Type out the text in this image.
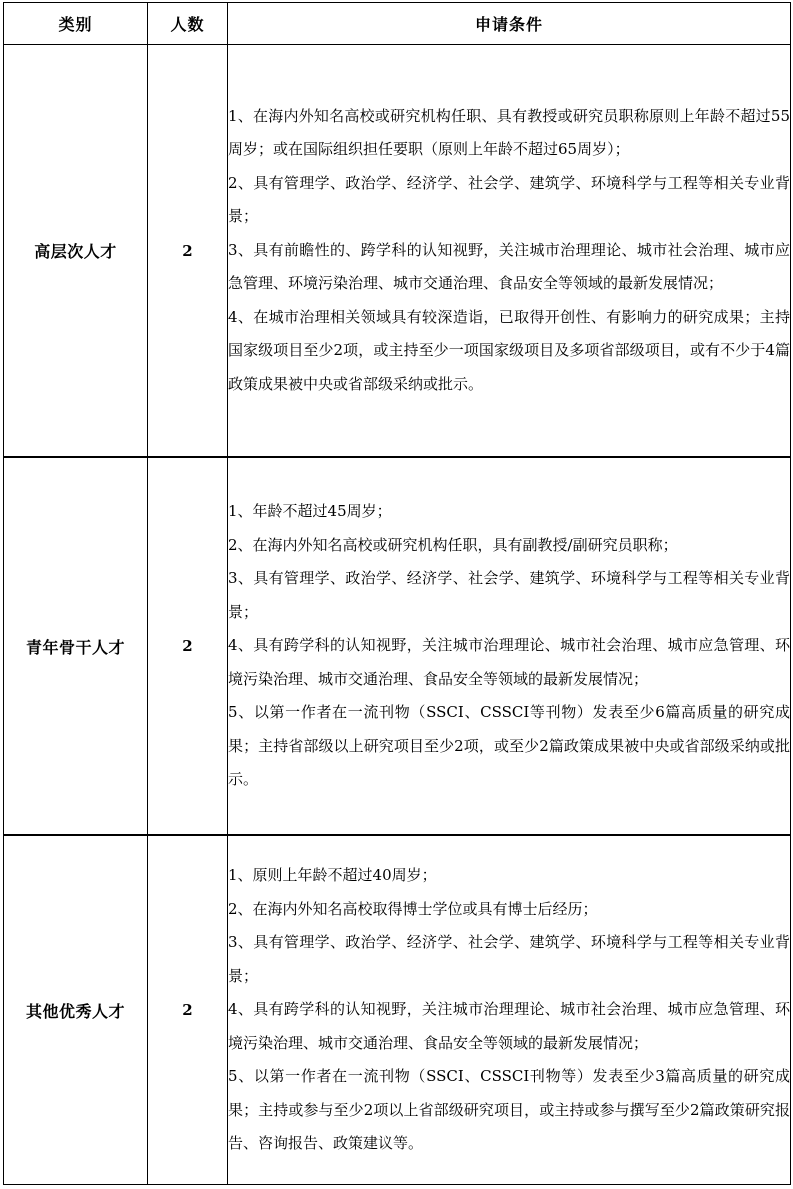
类别	人数	申请条件
高层次人才	2	1、在海内外知名高校或研究机构任职、具有教授或研究员职称原则上年龄不超过55周岁；或在国际组织担任要职（原则上年龄不超过65周岁）；
2、具有管理学、政治学、经济学、社会学、建筑学、环境科学与工程等相关专业背景；
3、具有前瞻性的、跨学科的认知视野，关注城市治理理论、城市社会治理、城市应急管理、环境污染治理、城市交通治理、食品安全等领域的最新发展情况；
4、在城市治理相关领域具有较深造诣，已取得开创性、有影响力的研究成果；主持国家级项目至少2项，或主持至少一项国家级项目及多项省部级项目，或有不少于4篇政策成果被中央或省部级采纳或批示。

青年骨干人才	2	1、年龄不超过45周岁；
2、在海内外知名高校或研究机构任职，具有副教授/副研究员职称；
3、具有管理学、政治学、经济学、社会学、建筑学、环境科学与工程等相关专业背景；
4、具有跨学科的认知视野，关注城市治理理论、城市社会治理、城市应急管理、环境污染治理、城市交通治理、食品安全等领域的最新发展情况；
5、以第一作者在一流刊物（SSCI、CSSCI等刊物）发表至少6篇高质量的研究成果；主持省部级以上研究项目至少2项，或至少2篇政策成果被中央或省部级采纳或批示。

其他优秀人才	2	1、原则上年龄不超过40周岁；
2、在海内外知名高校取得博士学位或具有博士后经历；
3、具有管理学、政治学、经济学、社会学、建筑学、环境科学与工程等相关专业背景；
4、具有跨学科的认知视野，关注城市治理理论、城市社会治理、城市应急管理、环境污染治理、城市交通治理、食品安全等领域的最新发展情况；
5、以第一作者在一流刊物（SSCI、CSSCI刊物等）发表至少3篇高质量的研究成果；主持或参与至少2项以上省部级研究项目，或主持或参与撰写至少2篇政策研究报告、咨询报告、政策建议等。
